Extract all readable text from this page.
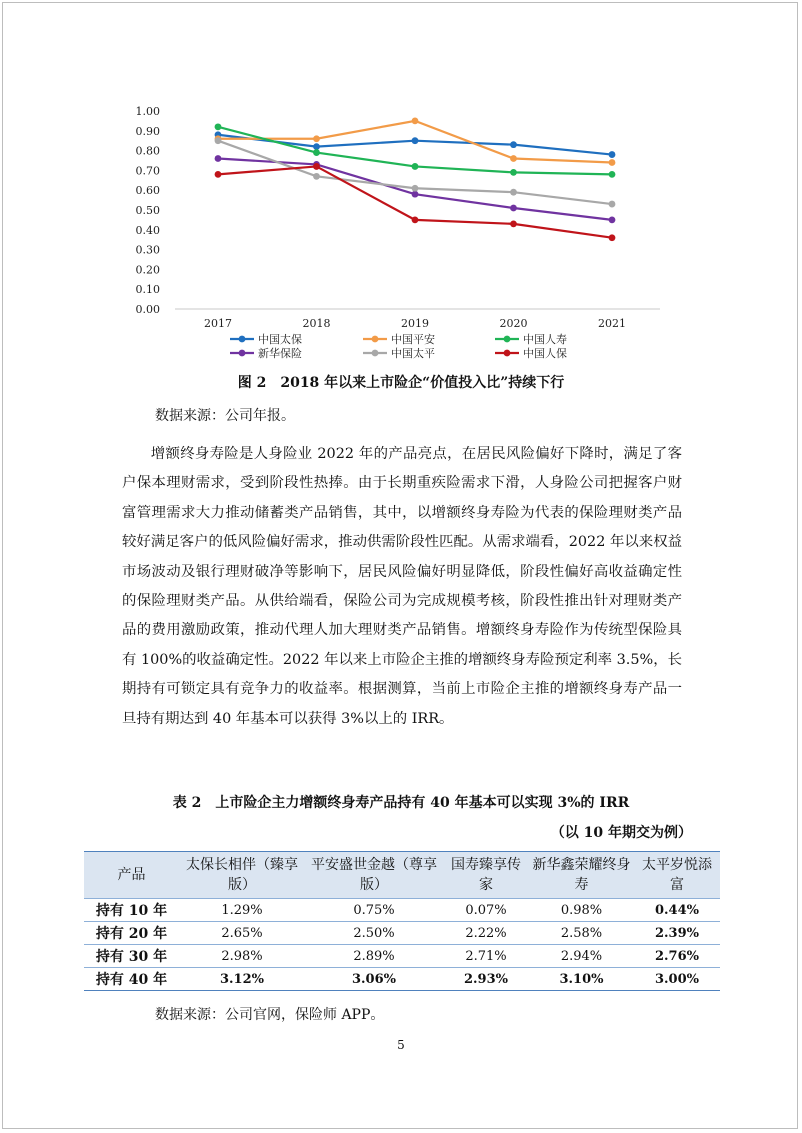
0.00
0.10
0.20
0.30
0.40
0.50
0.60
0.70
0.80
0.90
1.00
2017	2018	2019	2020	2021
中国太保	中国平安	中国人寿
新华保险	中国太平	中国人保
图 2　2018 年以来上市险企“价值投入比”持续下行
数据来源：公司年报。

增额终身寿险是人身险业 2022 年的产品亮点，在居民风险偏好下降时，满足了客户保本理财需求，受到阶段性热捧。由于长期重疾险需求下滑，人身险公司把握客户财富管理需求大力推动储蓄类产品销售，其中，以增额终身寿险为代表的保险理财类产品较好满足客户的低风险偏好需求，推动供需阶段性匹配。从需求端看，2022 年以来权益市场波动及银行理财破净等影响下，居民风险偏好明显降低，阶段性偏好高收益确定性的保险理财类产品。从供给端看，保险公司为完成规模考核，阶段性推出针对理财类产品的费用激励政策，推动代理人加大理财类产品销售。增额终身寿险作为传统型保险具有 100%的收益确定性。2022 年以来上市险企主推的增额终身寿险预定利率 3.5%，长期持有可锁定具有竞争力的收益率。根据测算，当前上市险企主推的增额终身寿产品一旦持有期达到 40 年基本可以获得 3%以上的 IRR。

表 2　上市险企主力增额终身寿产品持有 40 年基本可以实现 3%的 IRR
（以 10 年期交为例）
产品	太保长相伴（臻享版）	平安盛世金越（尊享版）	国寿臻享传家	新华鑫荣耀终身寿	太平岁悦添富
持有 10 年	1.29%	0.75%	0.07%	0.98%	0.44%
持有 20 年	2.65%	2.50%	2.22%	2.58%	2.39%
持有 30 年	2.98%	2.89%	2.71%	2.94%	2.76%
持有 40 年	3.12%	3.06%	2.93%	3.10%	3.00%
数据来源：公司官网，保险师 APP。
5
